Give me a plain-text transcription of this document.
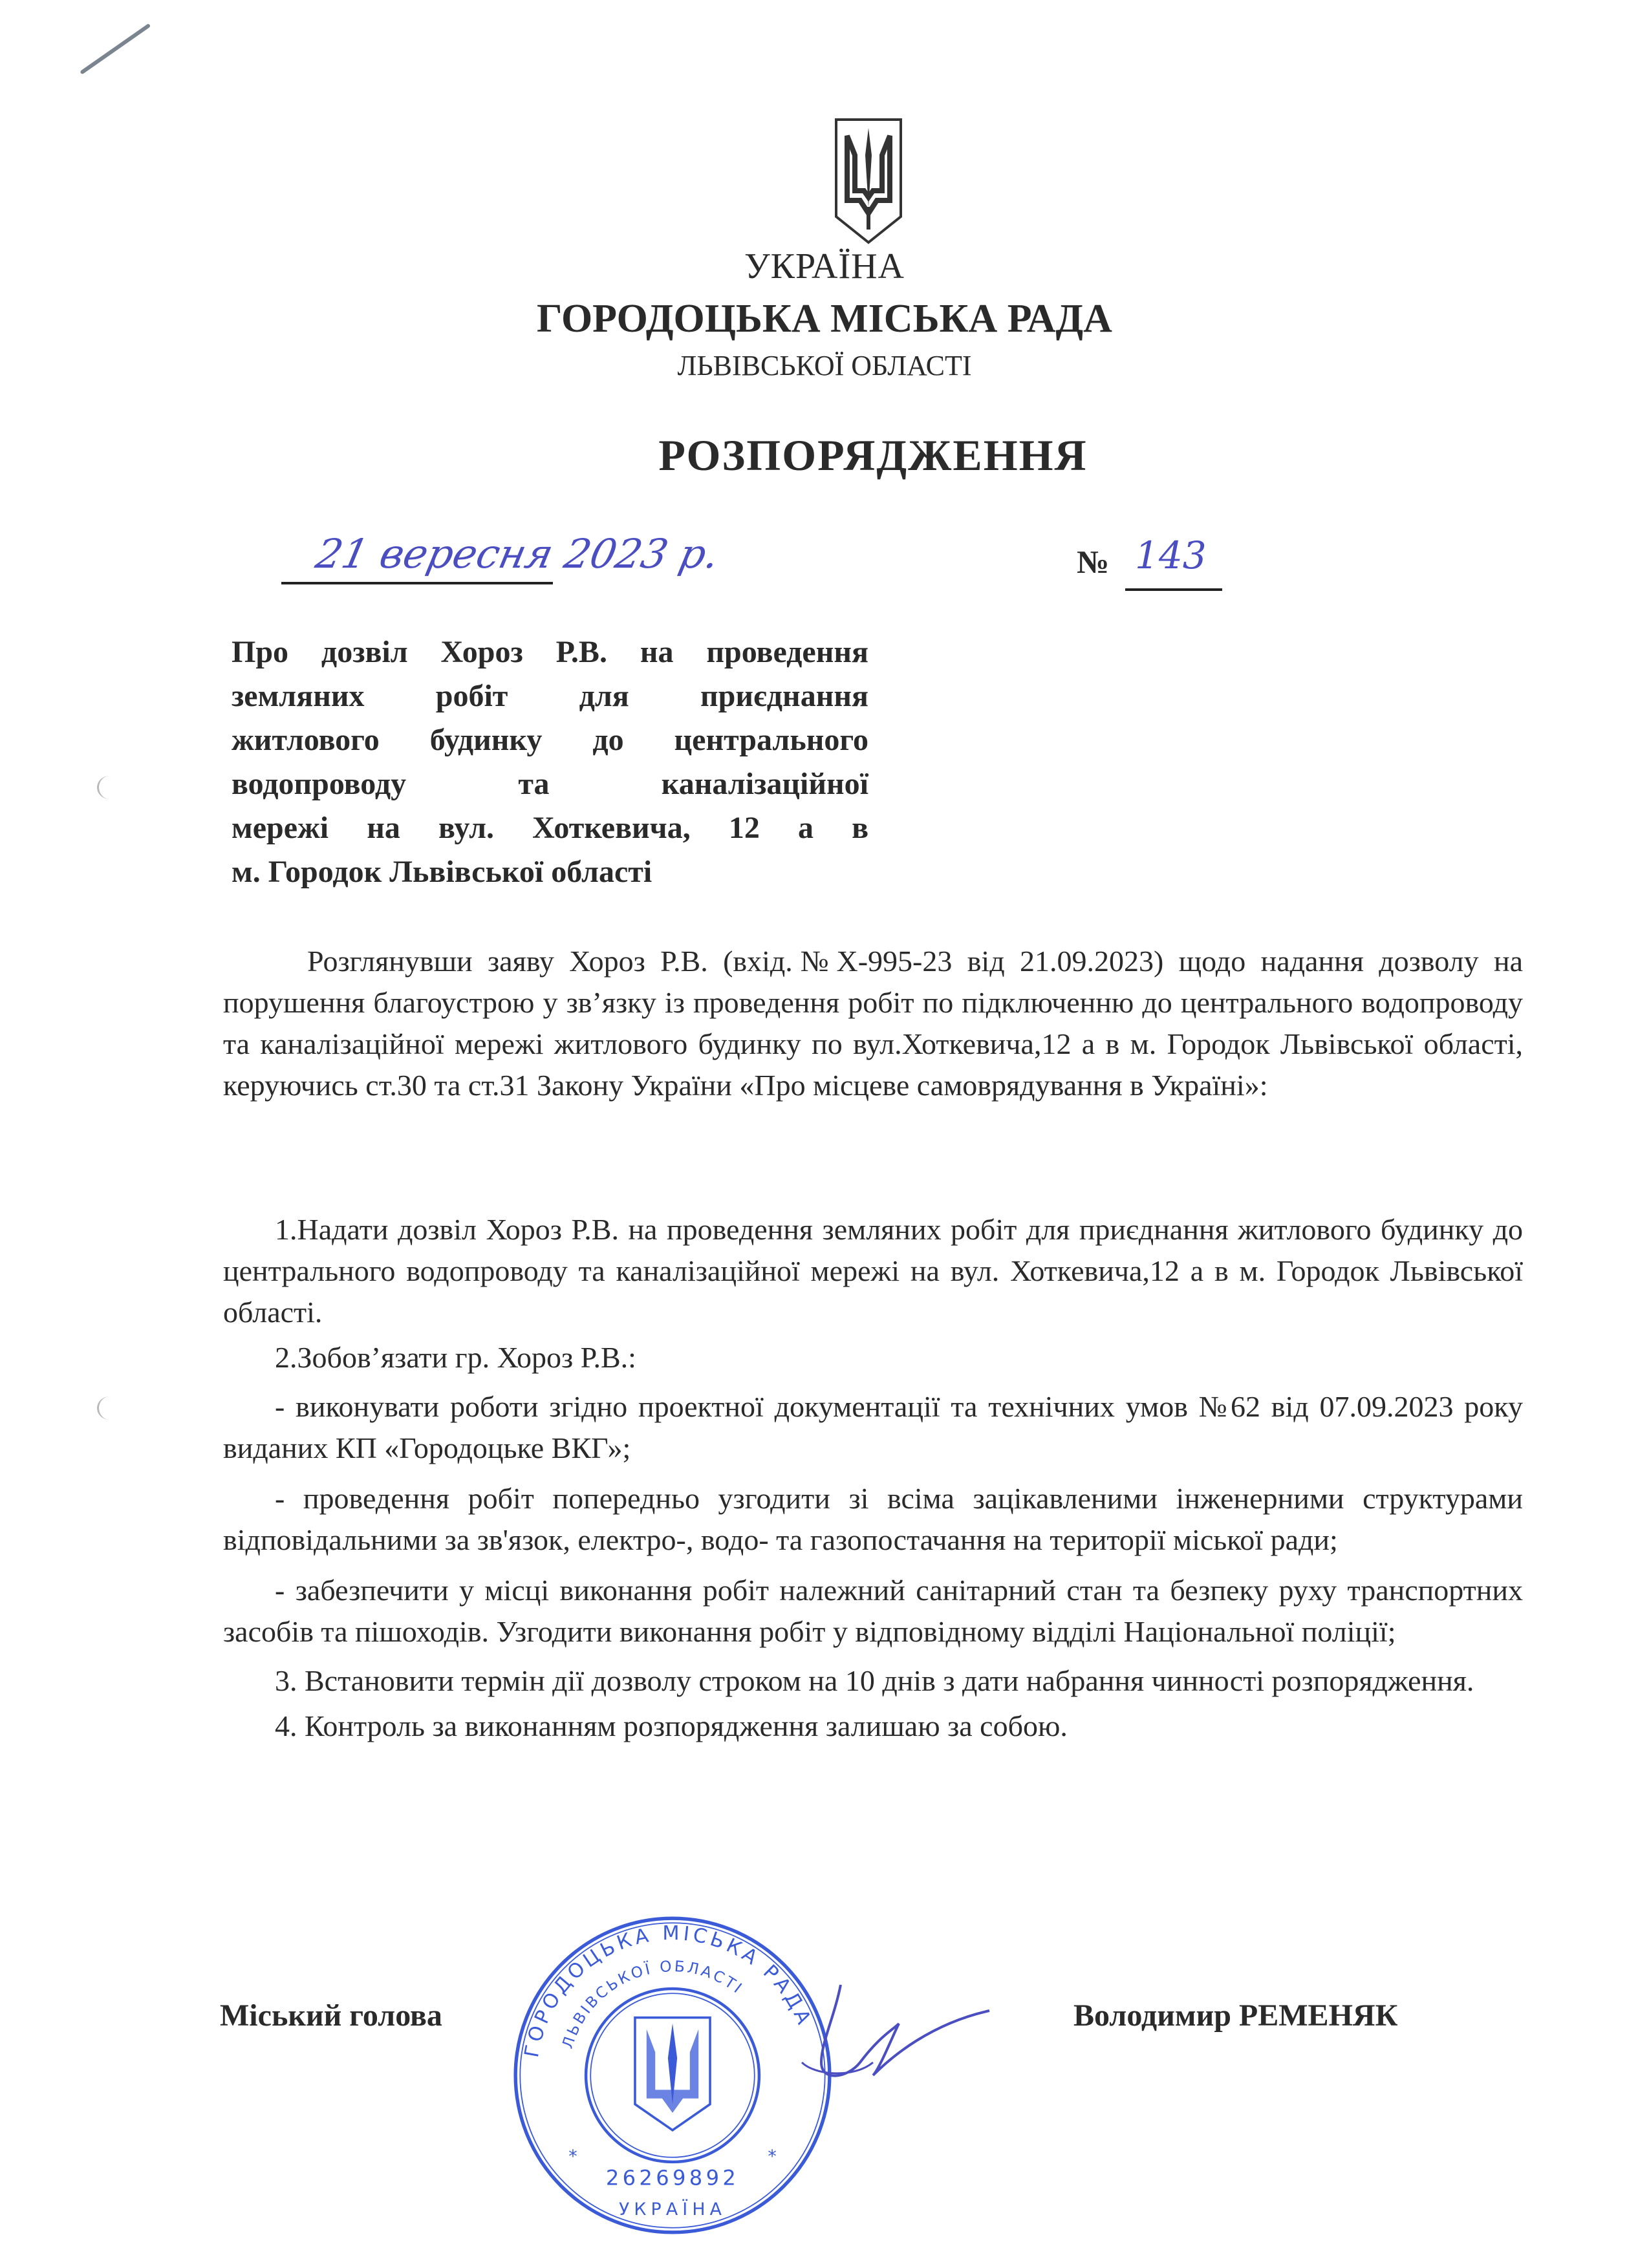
УКРАЇНА
ГОРОДОЦЬКА МІСЬКА РАДА
ЛЬВІВСЬКОЇ ОБЛАСТІ
РОЗПОРЯДЖЕННЯ
21 вересня 2023 р.	№ 143
Про дозвіл Хороз Р.В. на проведення
земляних робіт для приєднання
житлового будинку до центрального
водопроводу та каналізаційної
мережі на вул. Хоткевича, 12 а в
м. Городок Львівської області

Розглянувши заяву Хороз Р.В. (вхід.№Х-995-23 від 21.09.2023) щодо надання дозволу на порушення благоустрою у зв’язку із проведення робіт по підключенню до центрального водопроводу та каналізаційної мережі житлового будинку по вул.Хоткевича,12 а в м. Городок Львівської області, керуючись ст.30 та ст.31 Закону України «Про місцеве самоврядування в Україні»:

1.Надати дозвіл Хороз Р.В. на проведення земляних робіт для приєднання житлового будинку до центрального водопроводу та каналізаційної мережі на вул. Хоткевича,12 а в м. Городок Львівської області.

2.Зобов’язати гр. Хороз Р.В.:

- виконувати роботи згідно проектної документації та технічних умов №62 від 07.09.2023 року виданих КП «Городоцьке ВКГ»;

- проведення робіт попередньо узгодити зі всіма зацікавленими інженерними структурами відповідальними за зв'язок, електро-, водо- та газопостачання на території міської ради;

- забезпечити у місці виконання робіт належний санітарний стан та безпеку руху транспортних засобів та пішоходів. Узгодити виконання робіт у відповідному відділі Національної поліції;

3. Встановити термін дії дозволу строком на 10 днів з дати набрання чинності розпорядження.

4. Контроль за виконанням розпорядження залишаю за собою.

ГОРОДОЦЬКА МІСЬКА РАДА
ЛЬВІВСЬКОЇ ОБЛАСТІ
26269892
УКРАЇНА
*	*
Міський голова	Володимир РЕМЕНЯК
